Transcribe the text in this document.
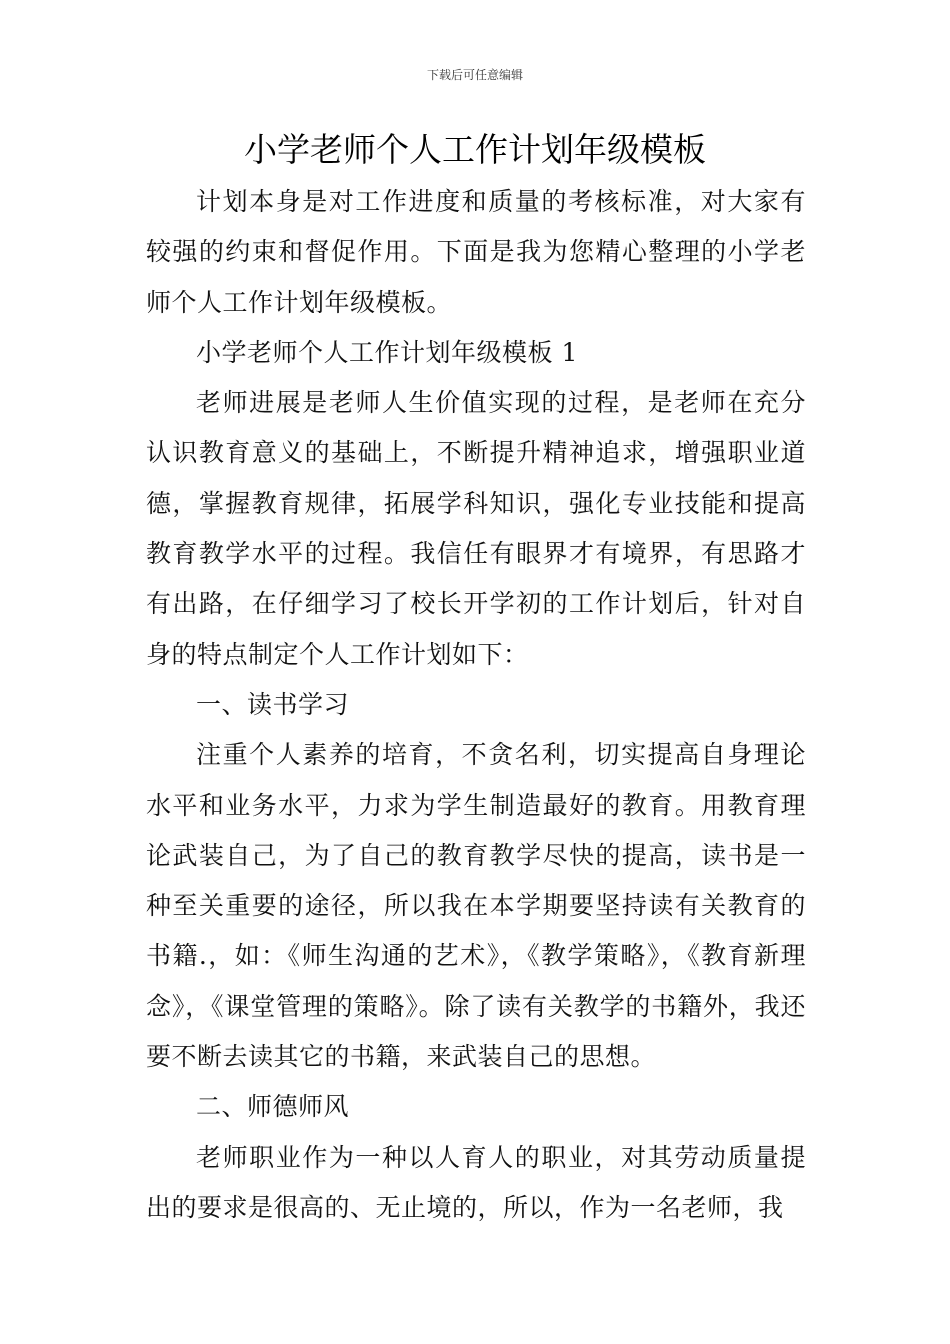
下载后可任意编辑
小学老师个人工作计划年级模板

计划本身是对工作进度和质量的考核标准，对大家有较强的约束和督促作用。下面是我为您精心整理的小学老师个人工作计划年级模板。

小学老师个人工作计划年级模板 1

老师进展是老师人生价值实现的过程，是老师在充分认识教育意义的基础上，不断提升精神追求，增强职业道德，掌握教育规律，拓展学科知识，强化专业技能和提高教育教学水平的过程。我信任有眼界才有境界，有思路才有出路，在仔细学习了校长开学初的工作计划后，针对自身的特点制定个人工作计划如下：

一、读书学习

注重个人素养的培育，不贪名利，切实提高自身理论水平和业务水平，力求为学生制造最好的教育。用教育理论武装自己，为了自己的教育教学尽快的提高，读书是一种至关重要的途径，所以我在本学期要坚持读有关教育的书籍.，如：《师生沟通的艺术》，《教学策略》，《教育新理念》，《课堂管理的策略》。除了读有关教学的书籍外，我还要不断去读其它的书籍，来武装自己的思想。

二、师德师风

老师职业作为一种以人育人的职业，对其劳动质量提出的要求是很高的、无止境的，所以，作为一名老师，我
